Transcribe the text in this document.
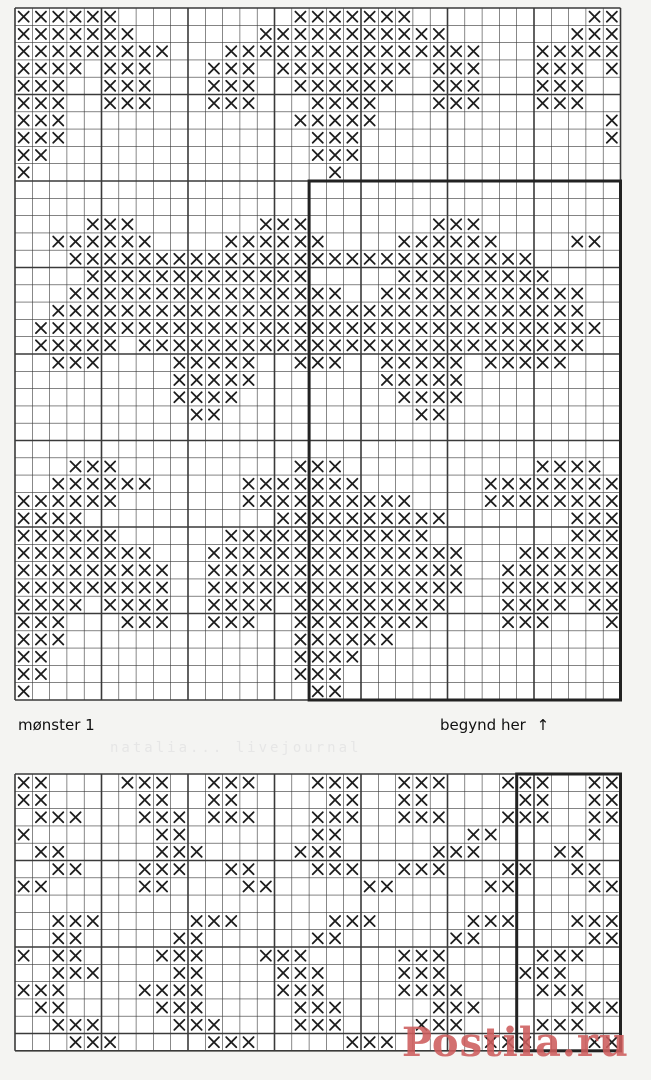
mønster 1	begynd her ↑
natalia... livejournal
Postila.ru
